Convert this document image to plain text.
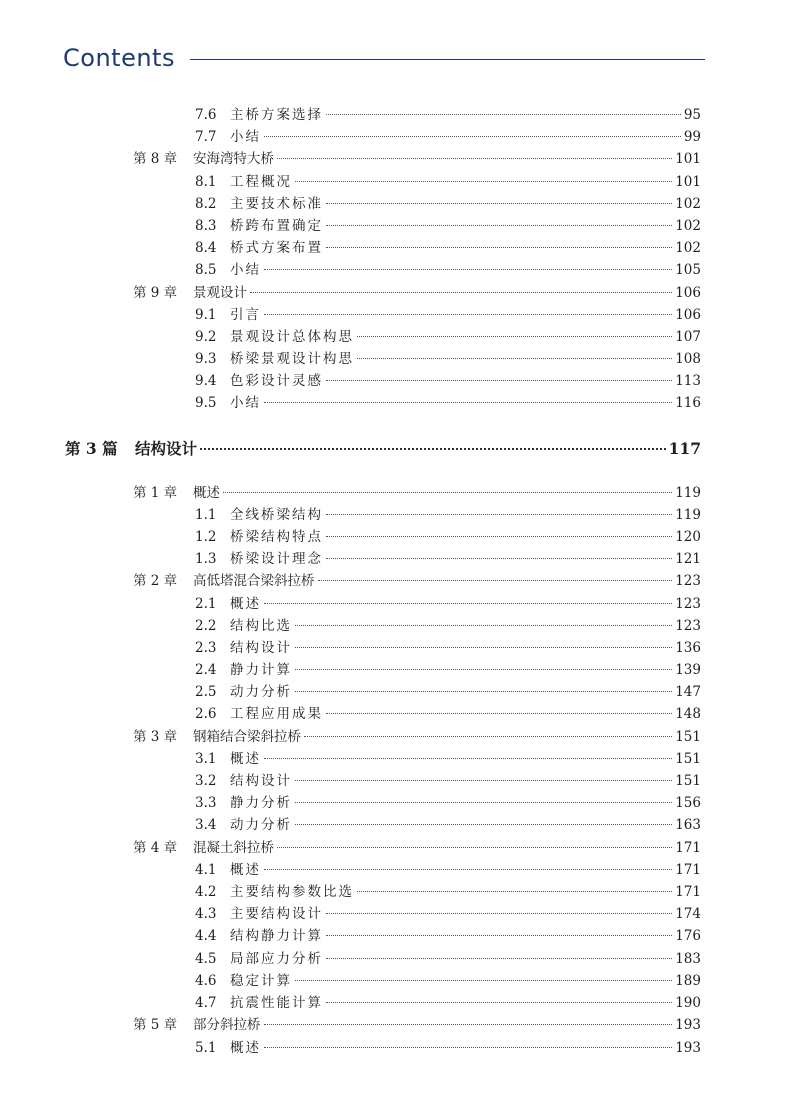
Contents
7.6	主桥方案选择	95
7.7	小结	99
第 8 章	安海湾特大桥	101
8.1	工程概况	101
8.2	主要技术标准	102
8.3	桥跨布置确定	102
8.4	桥式方案布置	102
8.5	小结	105
第 9 章	景观设计	106
9.1	引言	106
9.2	景观设计总体构思	107
9.3	桥梁景观设计构思	108
9.4	色彩设计灵感	113
9.5	小结	116
第 3 篇	结构设计	117
第 1 章	概述	119
1.1	全线桥梁结构	119
1.2	桥梁结构特点	120
1.3	桥梁设计理念	121
第 2 章	高低塔混合梁斜拉桥	123
2.1	概述	123
2.2	结构比选	123
2.3	结构设计	136
2.4	静力计算	139
2.5	动力分析	147
2.6	工程应用成果	148
第 3 章	钢箱结合梁斜拉桥	151
3.1	概述	151
3.2	结构设计	151
3.3	静力分析	156
3.4	动力分析	163
第 4 章	混凝土斜拉桥	171
4.1	概述	171
4.2	主要结构参数比选	171
4.3	主要结构设计	174
4.4	结构静力计算	176
4.5	局部应力分析	183
4.6	稳定计算	189
4.7	抗震性能计算	190
第 5 章	部分斜拉桥	193
5.1	概述	193
